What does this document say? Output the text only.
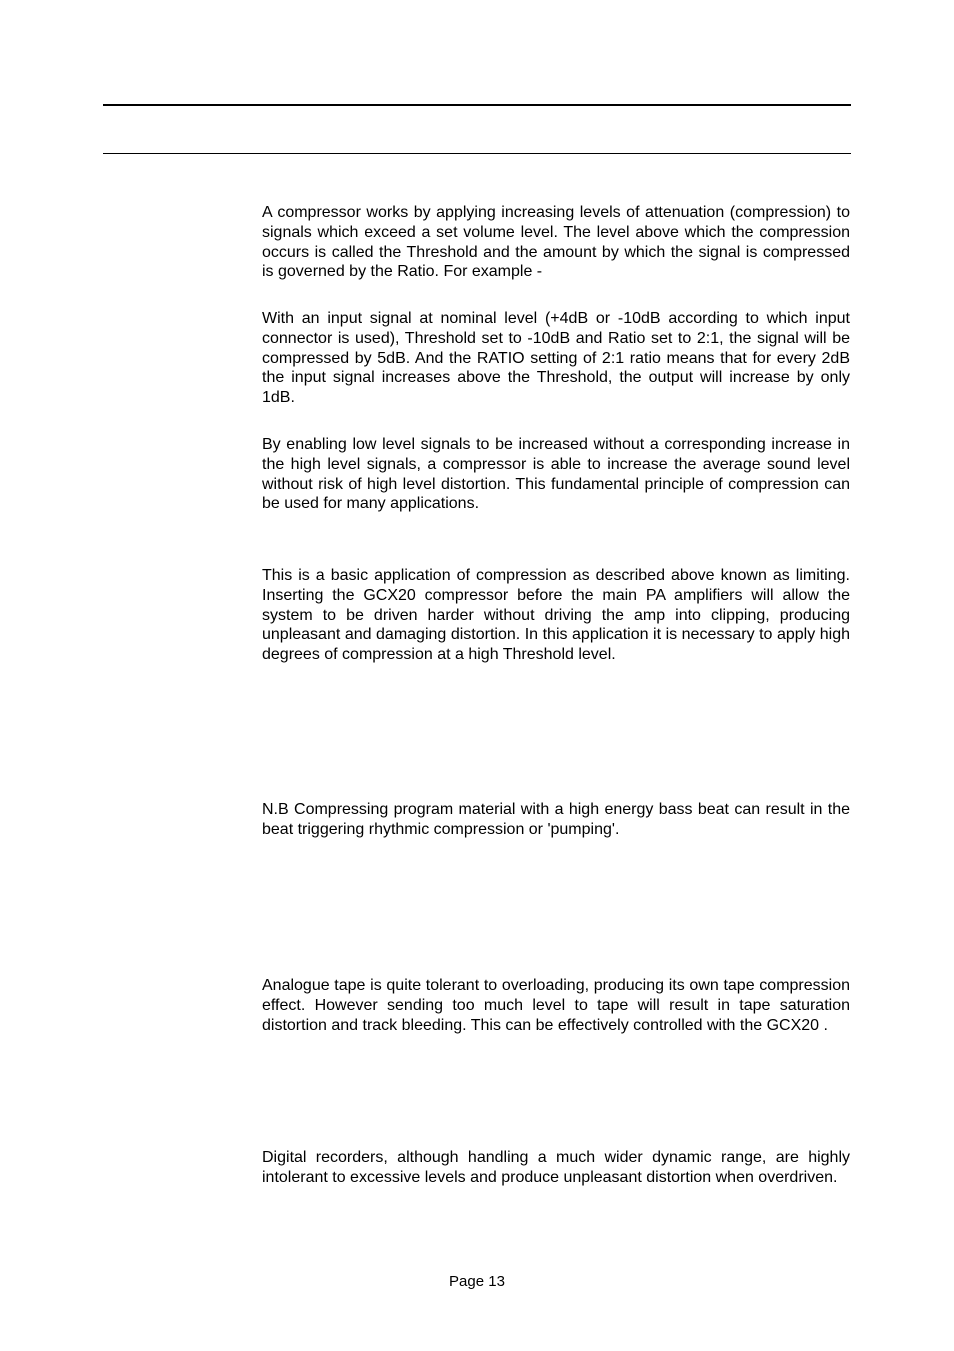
A compressor works by applying increasing levels of attenuation (compression) to signals which exceed a set volume level. The level above which the compression occurs is called the Threshold and the amount by which the signal is compressed is governed by the Ratio. For example -

With an input signal at nominal level (+4dB or -10dB according to which input connector is used), Threshold set to -10dB and Ratio set to 2:1, the signal will be compressed by 5dB. And the RATIO setting of 2:1 ratio means that for every 2dB the input signal increases above the Threshold, the output will increase by only 1dB.

By enabling low level signals to be increased without a corresponding increase in the high level signals, a compressor is able to increase the average sound level without risk of high level distortion. This fundamental principle of compression can be used for many applications.

This is a basic application of compression as described above known as limiting. Inserting the GCX20 compressor before the main PA amplifiers will allow the system to be driven harder without driving the amp into clipping, producing unpleasant and damaging distortion. In this application it is necessary to apply high degrees of compression at a high Threshold level.

N.B Compressing program material with a high energy bass beat can result in the beat triggering rhythmic compression or 'pumping'.

Analogue tape is quite tolerant to overloading, producing its own tape compression effect. However sending too much level to tape will result in tape saturation distortion and track bleeding. This can be effectively controlled with the GCX20 .

Digital recorders, although handling a much wider dynamic range, are highly intolerant to excessive levels and produce unpleasant distortion when overdriven.

Page 13
